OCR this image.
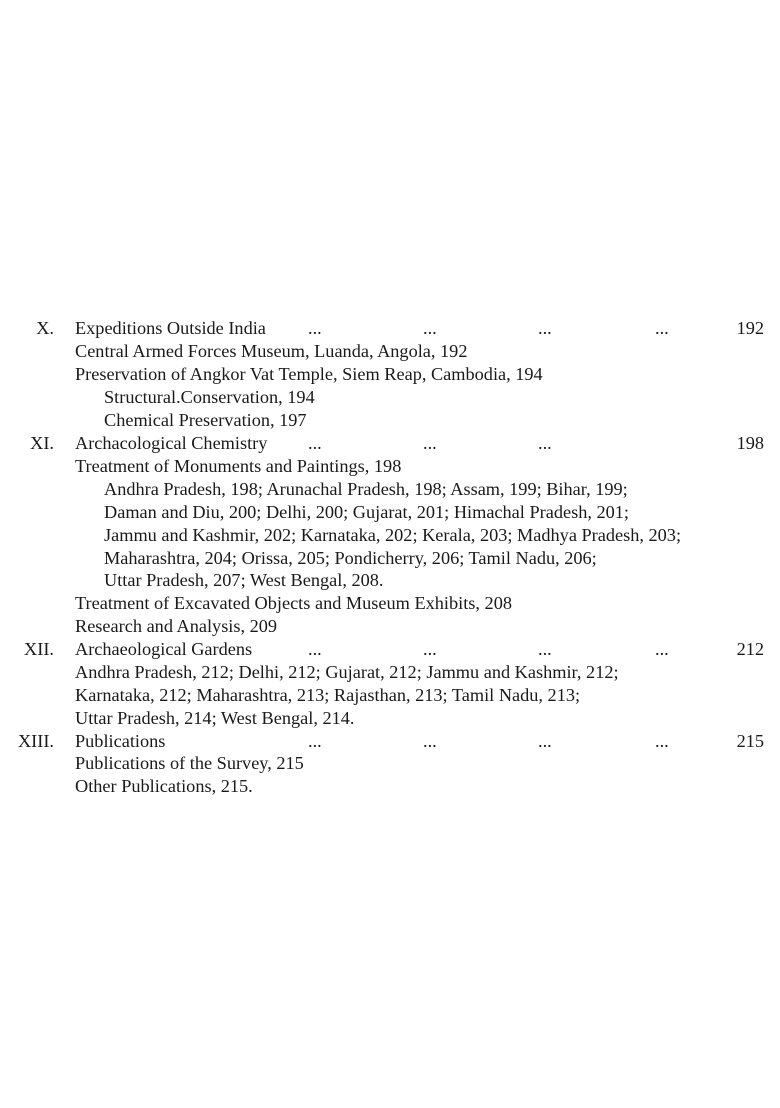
X. Expeditions Outside India ...	...	...	...	192
Central Armed Forces Museum, Luanda, Angola, 192
Preservation of Angkor Vat Temple, Siem Reap, Cambodia, 194
Structural.Conservation, 194
Chemical Preservation, 197
XI. Archacological Chemistry ...	...	...	198
Treatment of Monuments and Paintings, 198
Andhra Pradesh, 198; Arunachal Pradesh, 198; Assam, 199; Bihar, 199;
Daman and Diu, 200; Delhi, 200; Gujarat, 201; Himachal Pradesh, 201;
Jammu and Kashmir, 202; Karnataka, 202; Kerala, 203; Madhya Pradesh, 203;
Maharashtra, 204; Orissa, 205; Pondicherry, 206; Tamil Nadu, 206;
Uttar Pradesh, 207; West Bengal, 208.
Treatment of Excavated Objects and Museum Exhibits, 208
Research and Analysis, 209
XII. Archaeological Gardens	...	...	...	...	212
Andhra Pradesh, 212; Delhi, 212; Gujarat, 212; Jammu and Kashmir, 212;
Karnataka, 212; Maharashtra, 213; Rajasthan, 213; Tamil Nadu, 213;
Uttar Pradesh, 214; West Bengal, 214.
XIII. Publications	...	...	...	...	215
Publications of the Survey, 215
Other Publications, 215.
